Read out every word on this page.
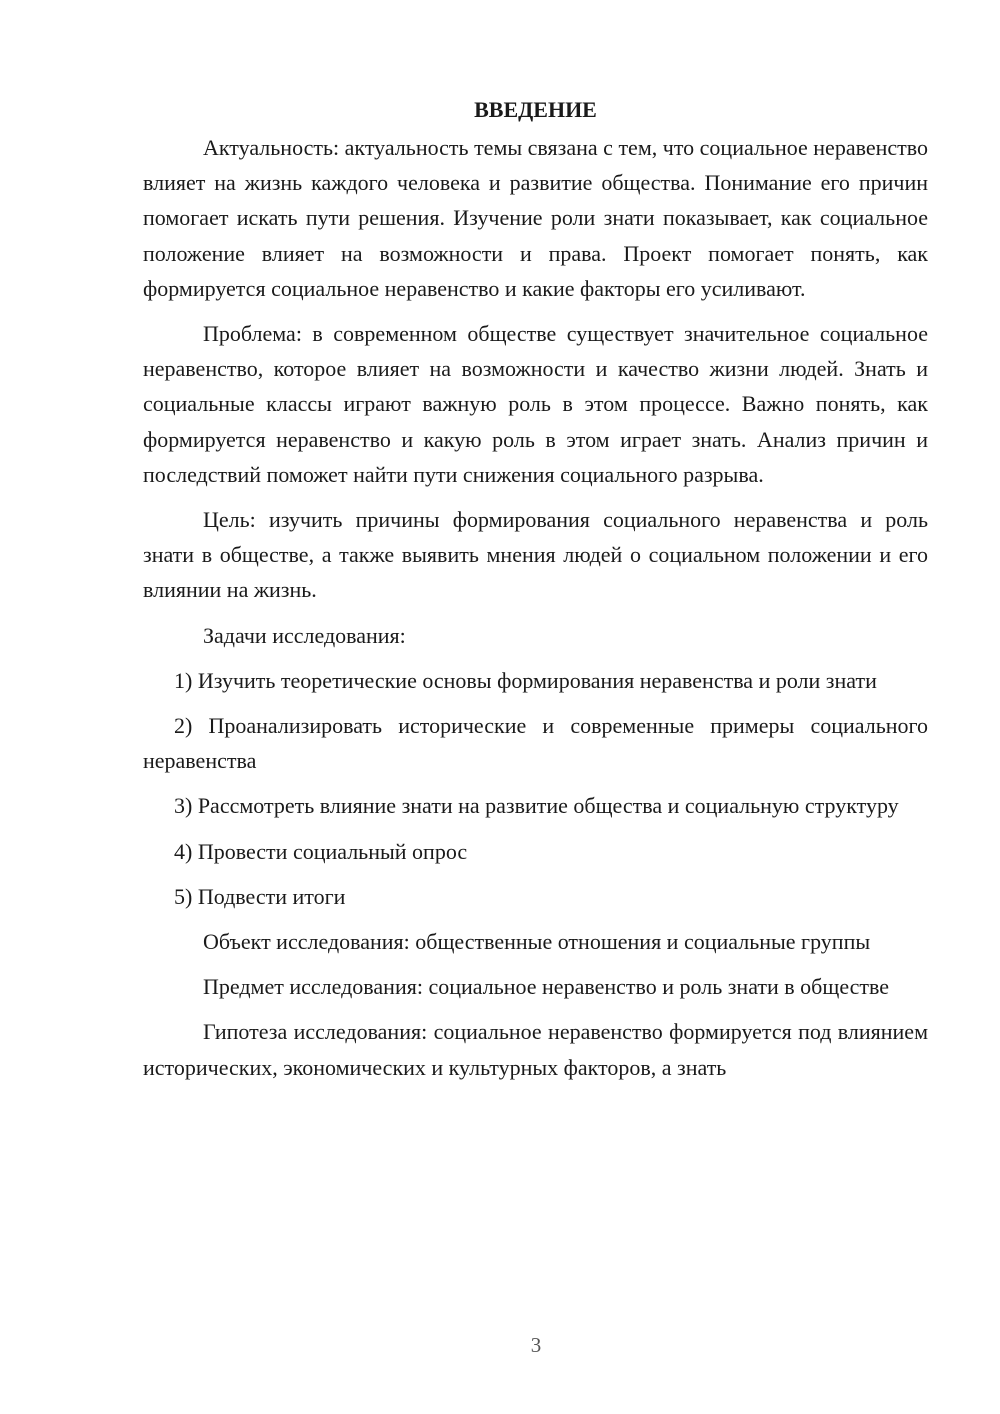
ВВЕДЕНИЕ

Актуальность: актуальность темы связана с тем, что социальное неравенство влияет на жизнь каждого человека и развитие общества. Понимание его причин помогает искать пути решения. Изучение роли знати показывает, как социальное положение влияет на возможности и права. Проект помогает понять, как формируется социальное неравенство и какие факторы его усиливают.

Проблема: в современном обществе существует значительное социальное неравенство, которое влияет на возможности и качество жизни людей. Знать и социальные классы играют важную роль в этом процессе. Важно понять, как формируется неравенство и какую роль в этом играет знать. Анализ причин и последствий поможет найти пути снижения социального разрыва.

Цель: изучить причины формирования социального неравенства и роль знати в обществе, а также выявить мнения людей о социальном положении и его влиянии на жизнь.

Задачи исследования:

1) Изучить теоретические основы формирования неравенства и роли знати

2) Проанализировать исторические и современные примеры социального неравенства

3) Рассмотреть влияние знати на развитие общества и социальную структуру

4) Провести социальный опрос

5) Подвести итоги

Объект исследования: общественные отношения и социальные группы

Предмет исследования: социальное неравенство и роль знати в обществе

Гипотеза исследования: социальное неравенство формируется под влиянием исторических, экономических и культурных факторов, а знать

3
